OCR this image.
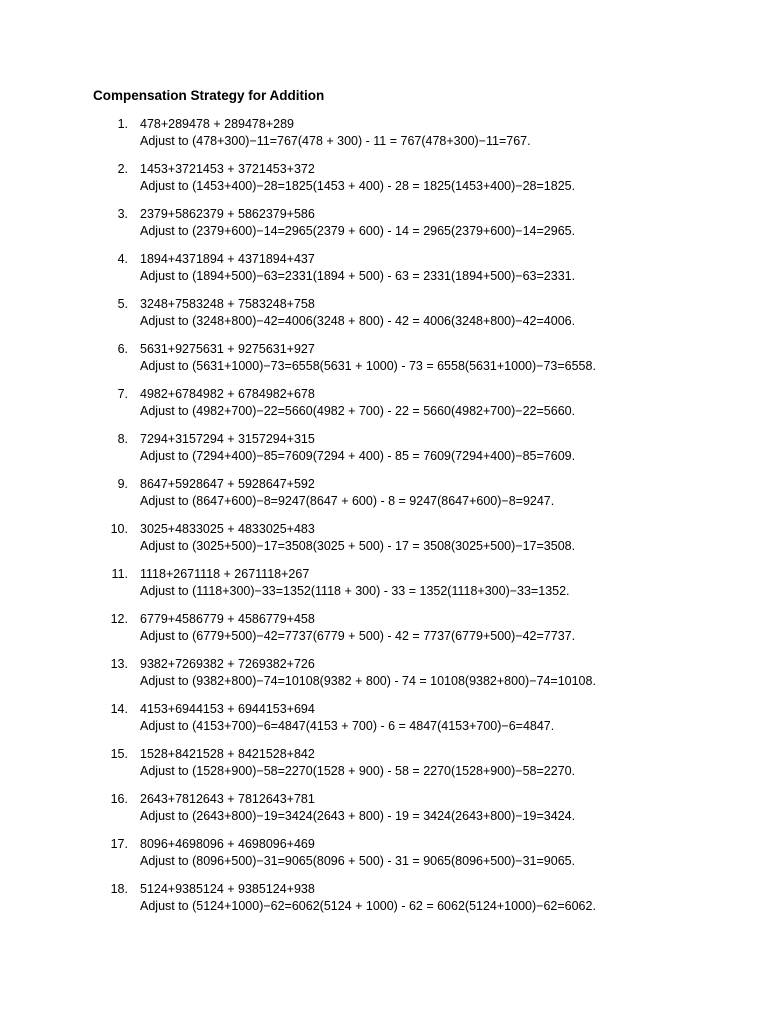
Compensation Strategy for Addition
1. 478+289478 + 289478+289
Adjust to (478+300)−11=767(478 + 300) - 11 = 767(478+300)−11=767.
2. 1453+3721453 + 3721453+372
Adjust to (1453+400)−28=1825(1453 + 400) - 28 = 1825(1453+400)−28=1825.
3. 2379+5862379 + 5862379+586
Adjust to (2379+600)−14=2965(2379 + 600) - 14 = 2965(2379+600)−14=2965.
4. 1894+4371894 + 4371894+437
Adjust to (1894+500)−63=2331(1894 + 500) - 63 = 2331(1894+500)−63=2331.
5. 3248+7583248 + 7583248+758
Adjust to (3248+800)−42=4006(3248 + 800) - 42 = 4006(3248+800)−42=4006.
6. 5631+9275631 + 9275631+927
Adjust to (5631+1000)−73=6558(5631 + 1000) - 73 = 6558(5631+1000)−73=6558.
7. 4982+6784982 + 6784982+678
Adjust to (4982+700)−22=5660(4982 + 700) - 22 = 5660(4982+700)−22=5660.
8. 7294+3157294 + 3157294+315
Adjust to (7294+400)−85=7609(7294 + 400) - 85 = 7609(7294+400)−85=7609.
9. 8647+5928647 + 5928647+592
Adjust to (8647+600)−8=9247(8647 + 600) - 8 = 9247(8647+600)−8=9247.
10. 3025+4833025 + 4833025+483
Adjust to (3025+500)−17=3508(3025 + 500) - 17 = 3508(3025+500)−17=3508.
11. 1118+2671118 + 2671118+267
Adjust to (1118+300)−33=1352(1118 + 300) - 33 = 1352(1118+300)−33=1352.
12. 6779+4586779 + 4586779+458
Adjust to (6779+500)−42=7737(6779 + 500) - 42 = 7737(6779+500)−42=7737.
13. 9382+7269382 + 7269382+726
Adjust to (9382+800)−74=10108(9382 + 800) - 74 = 10108(9382+800)−74=10108.
14. 4153+6944153 + 6944153+694
Adjust to (4153+700)−6=4847(4153 + 700) - 6 = 4847(4153+700)−6=4847.
15. 1528+8421528 + 8421528+842
Adjust to (1528+900)−58=2270(1528 + 900) - 58 = 2270(1528+900)−58=2270.
16. 2643+7812643 + 7812643+781
Adjust to (2643+800)−19=3424(2643 + 800) - 19 = 3424(2643+800)−19=3424.
17. 8096+4698096 + 4698096+469
Adjust to (8096+500)−31=9065(8096 + 500) - 31 = 9065(8096+500)−31=9065.
18. 5124+9385124 + 9385124+938
Adjust to (5124+1000)−62=6062(5124 + 1000) - 62 = 6062(5124+1000)−62=6062.
